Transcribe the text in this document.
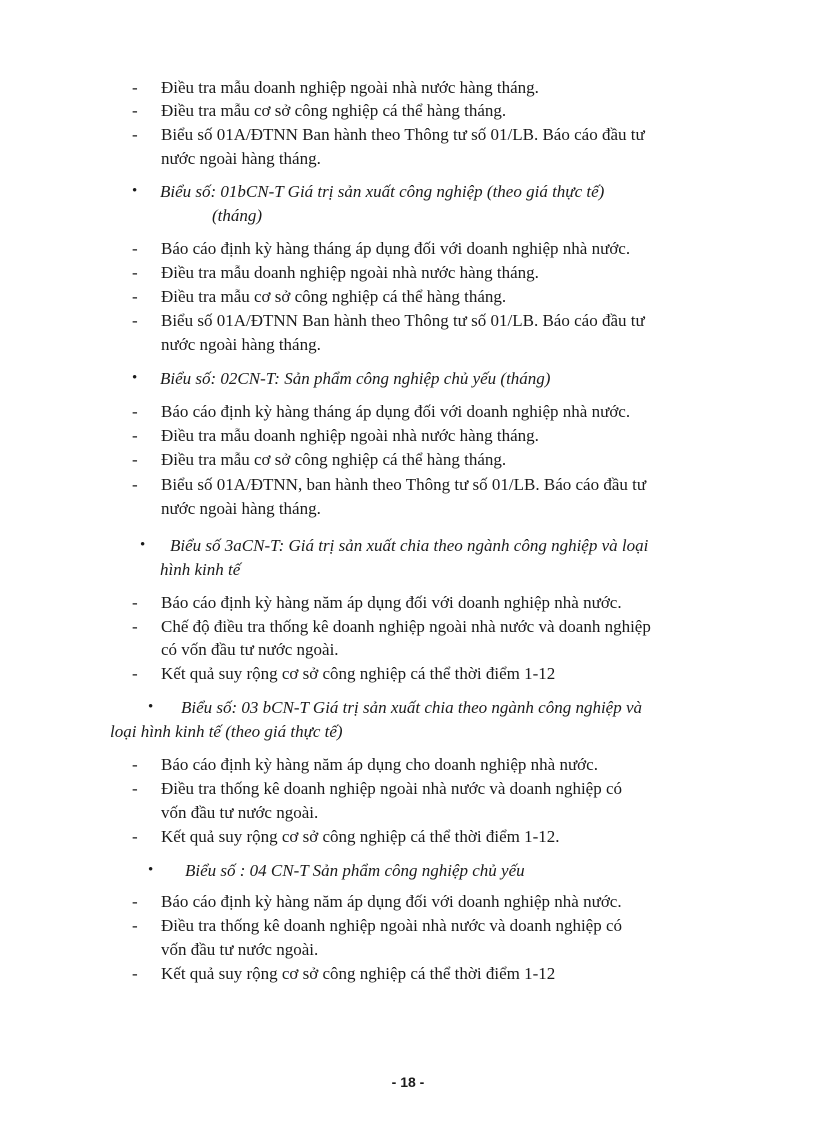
-	Điều tra mẫu doanh nghiệp ngoài nhà nước hàng tháng.
-	Điều tra mẫu cơ sở công nghiệp cá thể hàng tháng.
-	Biểu số 01A/ĐTNN Ban hành theo Thông tư số 01/LB. Báo cáo đầu tư
nước ngoài hàng tháng.
• Biểu số: 01bCN-T Giá trị sản xuất công nghiệp (theo giá thực tế)
(tháng)
-	Báo cáo định kỳ hàng tháng áp dụng đối với doanh nghiệp nhà nước.
-	Điều tra mẫu doanh nghiệp ngoài nhà nước hàng tháng.
-	Điều tra mẫu cơ sở công nghiệp cá thể hàng tháng.
-	Biểu số 01A/ĐTNN Ban hành theo Thông tư số 01/LB. Báo cáo đầu tư
nước ngoài hàng tháng.
• Biểu số: 02CN-T: Sản phẩm công nghiệp chủ yếu (tháng)
-	Báo cáo định kỳ hàng tháng áp dụng đối với doanh nghiệp nhà nước.
-	Điều tra mẫu doanh nghiệp ngoài nhà nước hàng tháng.
-	Điều tra mẫu cơ sở công nghiệp cá thể hàng tháng.
-	Biểu số 01A/ĐTNN, ban hành theo Thông tư số 01/LB. Báo cáo đầu tư
nước ngoài hàng tháng.
• Biểu số 3aCN-T: Giá trị sản xuất chia theo ngành công nghiệp và loại
hình kinh tế
-	Báo cáo định kỳ hàng năm áp dụng đối với doanh nghiệp nhà nước.
-	Chế độ điều tra thống kê doanh nghiệp ngoài nhà nước và doanh nghiệp
có vốn đầu tư nước ngoài.
-	Kết quả suy rộng cơ sở công nghiệp cá thể thời điểm 1-12
• Biểu số: 03 bCN-T Giá trị sản xuất chia theo ngành công nghiệp và
loại hình kinh tế (theo giá thực tế)
-	Báo cáo định kỳ hàng năm áp dụng cho doanh nghiệp nhà nước.
-	Điều tra thống kê doanh nghiệp ngoài nhà nước và doanh nghiệp có
vốn đầu tư nước ngoài.
-	Kết quả suy rộng cơ sở công nghiệp cá thể thời điểm 1-12.
• Biểu số : 04 CN-T Sản phẩm công nghiệp chủ yếu
-	Báo cáo định kỳ hàng năm áp dụng đối với doanh nghiệp nhà nước.
-	Điều tra thống kê doanh nghiệp ngoài nhà nước và doanh nghiệp có
vốn đầu tư nước ngoài.
-	Kết quả suy rộng cơ sở công nghiệp cá thể thời điểm 1-12
- 18 -
